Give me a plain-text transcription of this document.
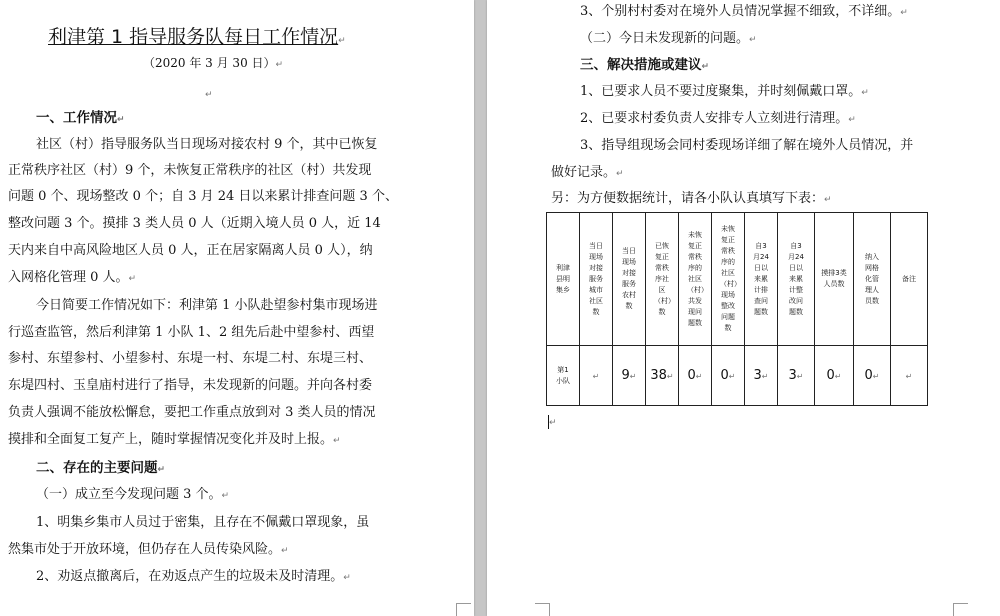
利津第 1 指导服务队每日工作情况↵
（2020 年 3 月 30 日）↵
↵
一、工作情况↵
社区（村）指导服务队当日现场对接农村 9 个，其中已恢复
正常秩序社区（村）9 个，未恢复正常秩序的社区（村）共发现
问题 0 个、现场整改 0 个；自 3 月 24 日以来累计排查问题 3 个、
整改问题 3 个。摸排 3 类人员 0 人（近期入境人员 0 人，近 14
天内来自中高风险地区人员 0 人，正在居家隔离人员 0 人），纳
入网格化管理 0 人。↵
今日简要工作情况如下：利津第 1 小队赴望参村集市现场进
行巡查监管，然后利津第 1 小队 1、2 组先后赴中望参村、西望
参村、东望参村、小望参村、东堤一村、东堤二村、东堤三村、
东堤四村、玉皇庙村进行了指导，未发现新的问题。并向各村委
负责人强调不能放松懈怠，要把工作重点放到对 3 类人员的情况
摸排和全面复工复产上，随时掌握情况变化并及时上报。↵
二、存在的主要问题↵
（一）成立至今发现问题 3 个。↵
1、明集乡集市人员过于密集，且存在不佩戴口罩现象，虽
然集市处于开放环境，但仍存在人员传染风险。↵
2、劝返点撤离后，在劝返点产生的垃圾未及时清理。↵
3、个别村村委对在境外人员情况掌握不细致，不详细。↵
（二）今日未发现新的问题。↵
三、解决措施或建议↵
1、已要求人员不要过度聚集，并时刻佩戴口罩。↵
2、已要求村委负责人安排专人立刻进行清理。↵
3、指导组现场会同村委现场详细了解在境外人员情况，并
做好记录。↵
另：为方便数据统计，请各小队认真填写下表：↵
利津县明集乡	当日现场对接服务城市社区数	当日现场对接服务农村数	已恢复正常秩序社区（村）数	未恢复正常秩序的社区（村）共发现问题数	未恢复正常秩序的社区（村）现场整改问题数	自3月24日以来累计排查问题数	自3月24日以来累计整改问题数	摸排3类人员数	纳入网格化管理人员数	备注

第1小队	↵	9↵	38↵	0↵	0↵	3↵	3↵	0↵	0↵	↵
↵
